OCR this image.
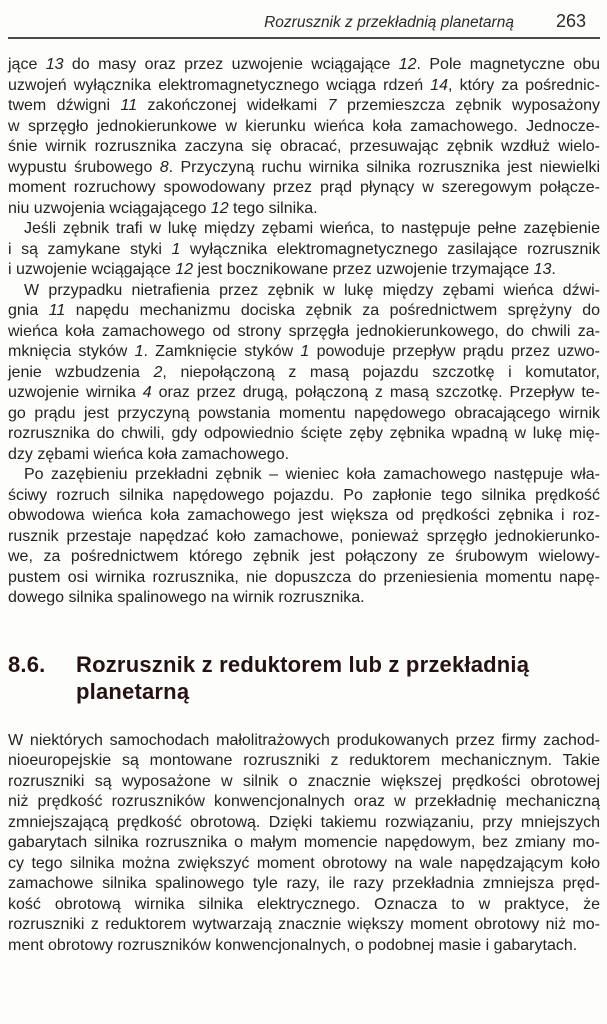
Rozrusznik z przekładnią planetarną 263
jące 13 do masy oraz przez uzwojenie wciągające 12. Pole magnetyczne obu
uzwojeń wyłącznika elektromagnetycznego wciąga rdzeń 14, który za pośrednic-
twem dźwigni 11 zakończonej widełkami 7 przemieszcza zębnik wyposażony
w sprzęgło jednokierunkowe w kierunku wieńca koła zamachowego. Jednocze-
śnie wirnik rozrusznika zaczyna się obracać, przesuwając zębnik wzdłuż wielo-
wypustu śrubowego 8. Przyczyną ruchu wirnika silnika rozrusznika jest niewielki
moment rozruchowy spowodowany przez prąd płynący w szeregowym połącze-
niu uzwojenia wciągającego 12 tego silnika.
Jeśli zębnik trafi w lukę między zębami wieńca, to następuje pełne zazębienie
i są zamykane styki 1 wyłącznika elektromagnetycznego zasilające rozrusznik
i uzwojenie wciągające 12 jest bocznikowane przez uzwojenie trzymające 13.
W przypadku nietrafienia przez zębnik w lukę między zębami wieńca dźwi-
gnia 11 napędu mechanizmu dociska zębnik za pośrednictwem sprężyny do
wieńca koła zamachowego od strony sprzęgła jednokierunkowego, do chwili za-
mknięcia styków 1. Zamknięcie styków 1 powoduje przepływ prądu przez uzwo-
jenie wzbudzenia 2, niepołączoną z masą pojazdu szczotkę i komutator,
uzwojenie wirnika 4 oraz przez drugą, połączoną z masą szczotkę. Przepływ te-
go prądu jest przyczyną powstania momentu napędowego obracającego wirnik
rozrusznika do chwili, gdy odpowiednio ścięte zęby zębnika wpadną w lukę mię-
dzy zębami wieńca koła zamachowego.
Po zazębieniu przekładni zębnik – wieniec koła zamachowego następuje wła-
ściwy rozruch silnika napędowego pojazdu. Po zapłonie tego silnika prędkość
obwodowa wieńca koła zamachowego jest większa od prędkości zębnika i roz-
rusznik przestaje napędzać koło zamachowe, ponieważ sprzęgło jednokierunko-
we, za pośrednictwem którego zębnik jest połączony ze śrubowym wielowy-
pustem osi wirnika rozrusznika, nie dopuszcza do przeniesienia momentu napę-
dowego silnika spalinowego na wirnik rozrusznika.
8.6.	Rozrusznik z reduktorem lub z przekładnią
planetarną
W niektórych samochodach małolitrażowych produkowanych przez firmy zachod-
nioeuropejskie są montowane rozruszniki z reduktorem mechanicznym. Takie
rozruszniki są wyposażone w silnik o znacznie większej prędkości obrotowej
niż prędkość rozruszników konwencjonalnych oraz w przekładnię mechaniczną
zmniejszającą prędkość obrotową. Dzięki takiemu rozwiązaniu, przy mniejszych
gabarytach silnika rozrusznika o małym momencie napędowym, bez zmiany mo-
cy tego silnika można zwiększyć moment obrotowy na wale napędzającym koło
zamachowe silnika spalinowego tyle razy, ile razy przekładnia zmniejsza pręd-
kość obrotową wirnika silnika elektrycznego. Oznacza to w praktyce, że
rozruszniki z reduktorem wytwarzają znacznie większy moment obrotowy niż mo-
ment obrotowy rozruszników konwencjonalnych, o podobnej masie i gabarytach.
